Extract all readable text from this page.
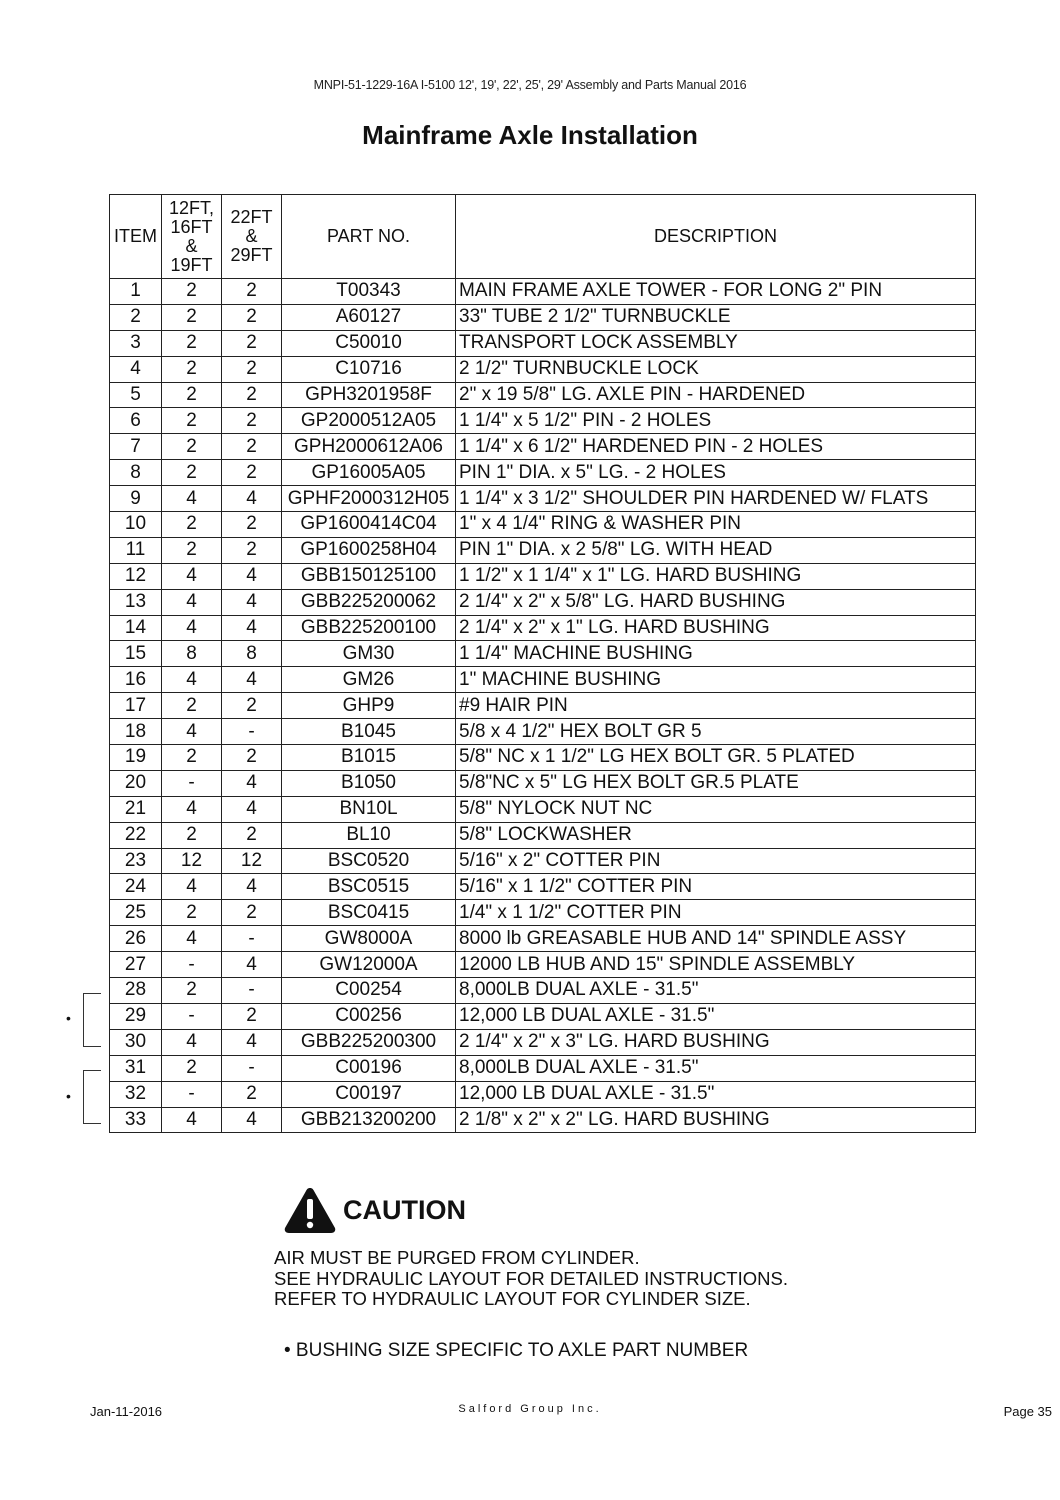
MNPI-51-1229-16A I-5100 12', 19', 22', 25', 29' Assembly and Parts Manual 2016
Mainframe Axle Installation
ITEM	12FT, 16FT & 19FT	22FT & 29FT	PART NO.	DESCRIPTION
1	2	2	T00343	MAIN FRAME AXLE TOWER - FOR LONG 2" PIN
2	2	2	A60127	33" TUBE 2 1/2" TURNBUCKLE
3	2	2	C50010	TRANSPORT LOCK ASSEMBLY
4	2	2	C10716	2 1/2" TURNBUCKLE LOCK
5	2	2	GPH3201958F	2" x 19 5/8" LG. AXLE PIN - HARDENED
6	2	2	GP2000512A05	1 1/4" x 5 1/2" PIN - 2 HOLES
7	2	2	GPH2000612A06	1 1/4" x 6 1/2" HARDENED PIN - 2 HOLES
8	2	2	GP16005A05	PIN 1" DIA. x 5" LG. - 2 HOLES
9	4	4	GPHF2000312H05	1 1/4" x 3 1/2" SHOULDER PIN HARDENED W/ FLATS
10	2	2	GP1600414C04	1" x 4 1/4" RING & WASHER PIN
11	2	2	GP1600258H04	PIN 1" DIA. x 2 5/8" LG. WITH HEAD
12	4	4	GBB150125100	1 1/2" x 1 1/4" x 1" LG. HARD BUSHING
13	4	4	GBB225200062	2 1/4" x 2" x 5/8" LG. HARD BUSHING
14	4	4	GBB225200100	2 1/4" x 2" x 1" LG. HARD BUSHING
15	8	8	GM30	1 1/4" MACHINE BUSHING
16	4	4	GM26	1" MACHINE BUSHING
17	2	2	GHP9	#9 HAIR PIN
18	4	-	B1045	5/8 x 4 1/2" HEX BOLT GR 5
19	2	2	B1015	5/8" NC x 1 1/2" LG HEX BOLT GR. 5 PLATED
20	-	4	B1050	5/8"NC x 5" LG HEX BOLT GR.5 PLATE
21	4	4	BN10L	5/8" NYLOCK NUT NC
22	2	2	BL10	5/8" LOCKWASHER
23	12	12	BSC0520	5/16" x 2" COTTER PIN
24	4	4	BSC0515	5/16" x 1 1/2" COTTER PIN
25	2	2	BSC0415	1/4" x 1 1/2" COTTER PIN
26	4	-	GW8000A	8000 lb GREASABLE HUB AND 14" SPINDLE ASSY
27	-	4	GW12000A	12000 LB HUB AND 15" SPINDLE ASSEMBLY
28	2	-	C00254	8,000LB DUAL AXLE - 31.5"
29	-	2	C00256	12,000 LB DUAL AXLE - 31.5"
30	4	4	GBB225200300	2 1/4" x 2" x 3" LG. HARD BUSHING
31	2	-	C00196	8,000LB DUAL AXLE - 31.5"
32	-	2	C00197	12,000 LB DUAL AXLE - 31.5"
33	4	4	GBB213200200	2 1/8" x 2" x 2" LG. HARD BUSHING
•
•
CAUTION
AIR MUST BE PURGED FROM CYLINDER.
SEE HYDRAULIC LAYOUT FOR DETAILED INSTRUCTIONS.
REFER TO HYDRAULIC LAYOUT FOR CYLINDER SIZE.
• BUSHING SIZE SPECIFIC TO AXLE PART NUMBER
Jan-11-2016	Salford Group Inc.	Page 35
